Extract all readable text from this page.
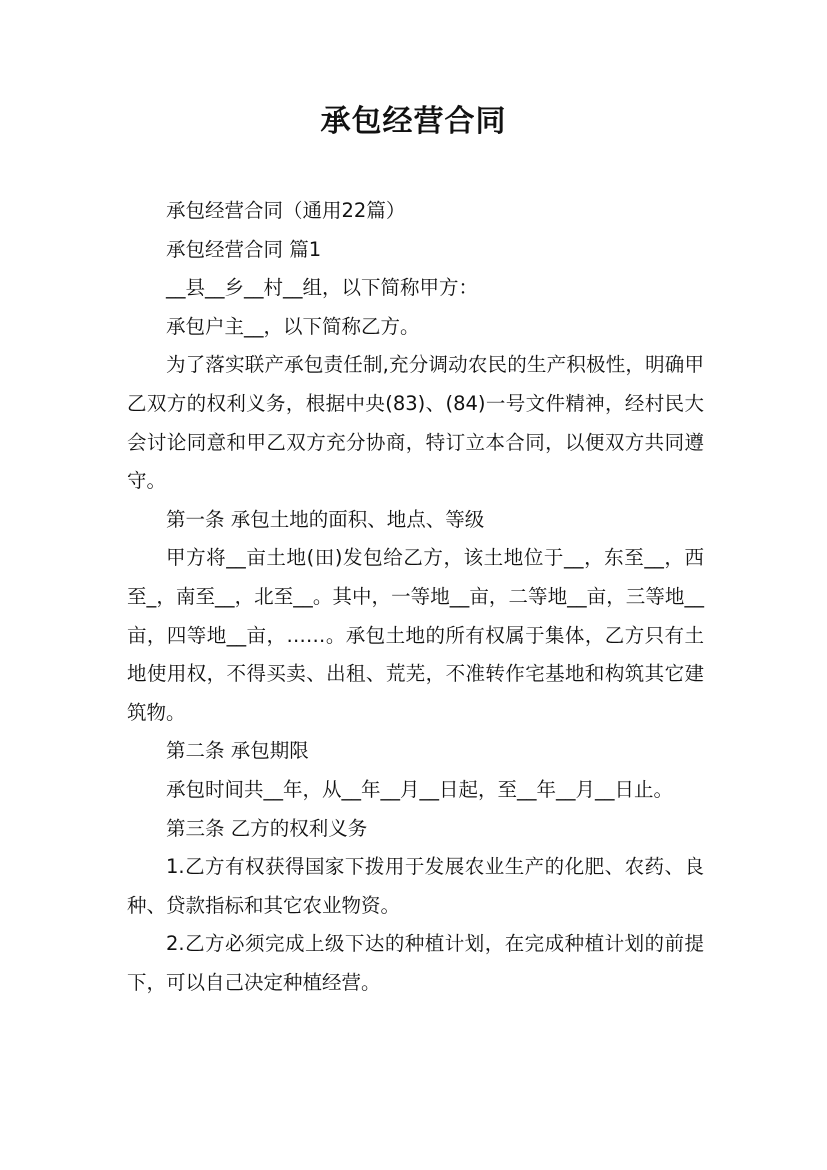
承包经营合同

承包经营合同（通用22篇）

承包经营合同 篇1

__县__乡__村__组，以下简称甲方：

承包户主__，以下简称乙方。

为了落实联产承包责任制,充分调动农民的生产积极性，明确甲乙双方的权利义务，根据中央(83)、(84)一号文件精神，经村民大会讨论同意和甲乙双方充分协商，特订立本合同，以便双方共同遵守。

第一条 承包土地的面积、地点、等级

甲方将__亩土地(田)发包给乙方，该土地位于__，东至__，西至_，南至__，北至__。其中，一等地__亩，二等地__亩，三等地__亩，四等地__亩，……。承包土地的所有权属于集体，乙方只有土地使用权，不得买卖、出租、荒芜，不准转作宅基地和构筑其它建筑物。

第二条 承包期限

承包时间共__年，从__年__月__日起，至__年__月__日止。

第三条 乙方的权利义务

1.乙方有权获得国家下拨用于发展农业生产的化肥、农药、良种、贷款指标和其它农业物资。

2.乙方必须完成上级下达的种植计划，在完成种植计划的前提下，可以自己决定种植经营。
